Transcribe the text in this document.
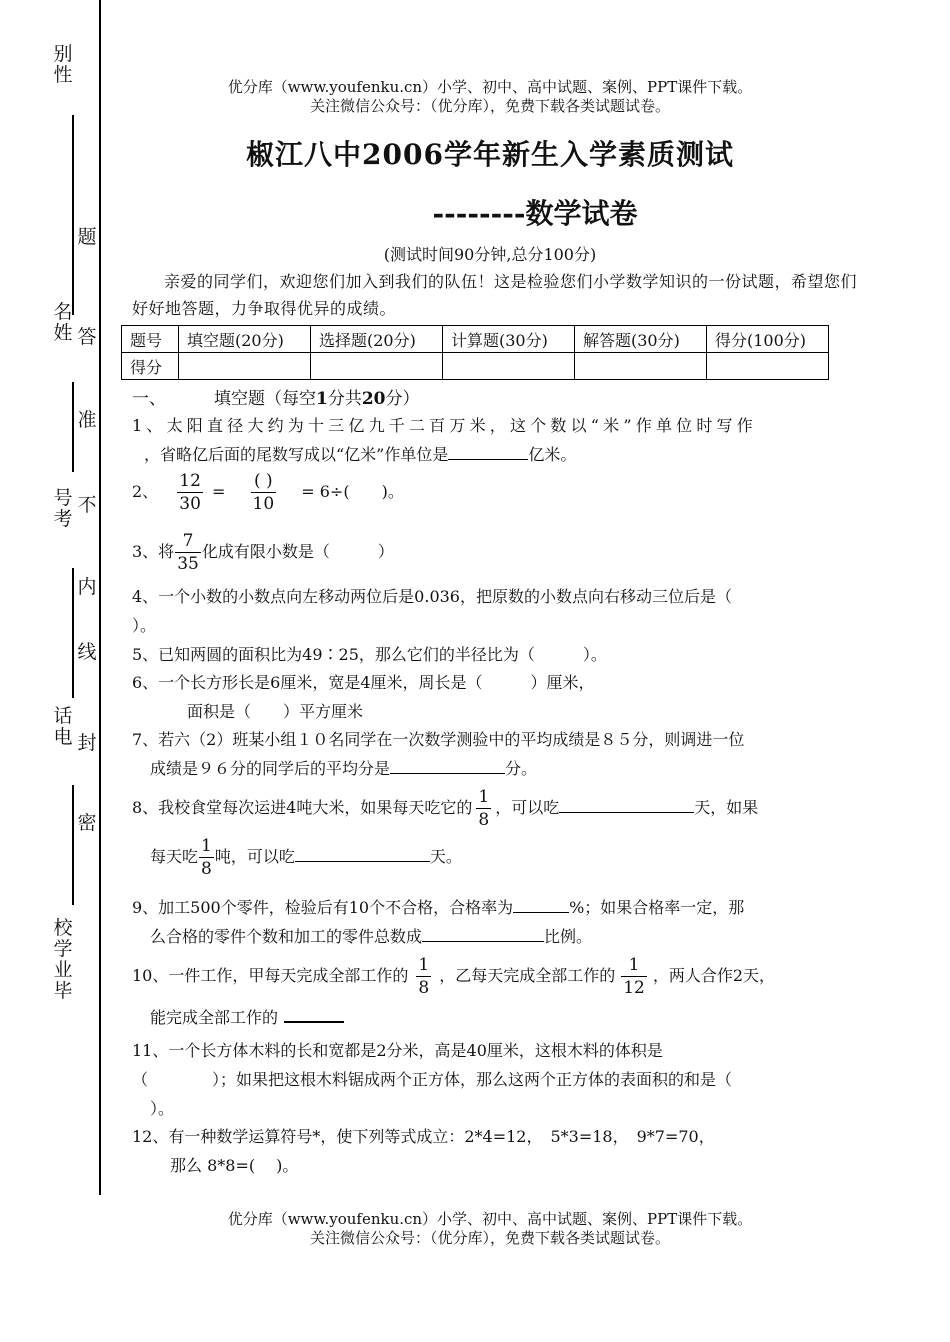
别性
名姓
号考
话电
校学业毕
题
答
准
不
内
线
封
密
优分库（www.youfenku.cn）小学、初中、高中试题、案例、PPT课件下载。
关注微信公众号：（优分库），免费下载各类试题试卷。
椒江八中2006学年新生入学素质测试
--------数学试卷
(测试时间90分钟,总分100分)
亲爱的同学们，欢迎您们加入到我们的队伍！这是检验您们小学数学知识的一份试题，希望您们好好地答题，力争取得优异的成绩。
题号	填空题(20分)	选择题(20分)	计算题(30分)	解答题(30分)	得分(100分)
得分					
一、	填空题（每空1分共20分）
1、太阳直径大约为十三亿九千二百万米，这个数以“米”作单位时写作
，省略亿后面的尾数写成以“亿米”作单位是	亿米。
2、 $\frac{12}{30} = \frac{( )}{10} = 6\div$(　　)。
3、将 $\frac{7}{35}$ 化成有限小数是（　　　）
4、一个小数的小数点向左移动两位后是0.036，把原数的小数点向右移动三位后是（
）。
5、已知两圆的面积比为49∶25，那么它们的半径比为（　　　）。
6、一个长方形长是6厘米，宽是4厘米，周长是（　　　）厘米，
面积是（　　）平方厘米
7、若六（2）班某小组１０名同学在一次数学测验中的平均成绩是８５分，则调进一位
成绩是９６分的同学后的平均分是	分。
8、我校食堂每次运进4吨大米，如果每天吃它的 $\frac{1}{8}$ ，可以吃	天，如果
每天吃 $\frac{1}{8}$ 吨，可以吃	天。
9、加工500个零件，检验后有10个不合格，合格率为	%；如果合格率一定，那
么合格的零件个数和加工的零件总数成	比例。
10、一件工作，甲每天完成全部工作的 $\frac{1}{8}$ ，乙每天完成全部工作的 $\frac{1}{12}$ ，两人合作2天，
能完成全部工作的
11、一个长方体木料的长和宽都是2分米，高是40厘米，这根木料的体积是
（　　　　）；如果把这根木料锯成两个正方体，那么这两个正方体的表面积的和是（
）。
12、有一种数学运算符号*，使下列等式成立：2*4=12，　5*3=18，　9*7=70，
那么 8*8=(　 )。
优分库（www.youfenku.cn）小学、初中、高中试题、案例、PPT课件下载。
关注微信公众号：（优分库），免费下载各类试题试卷。
